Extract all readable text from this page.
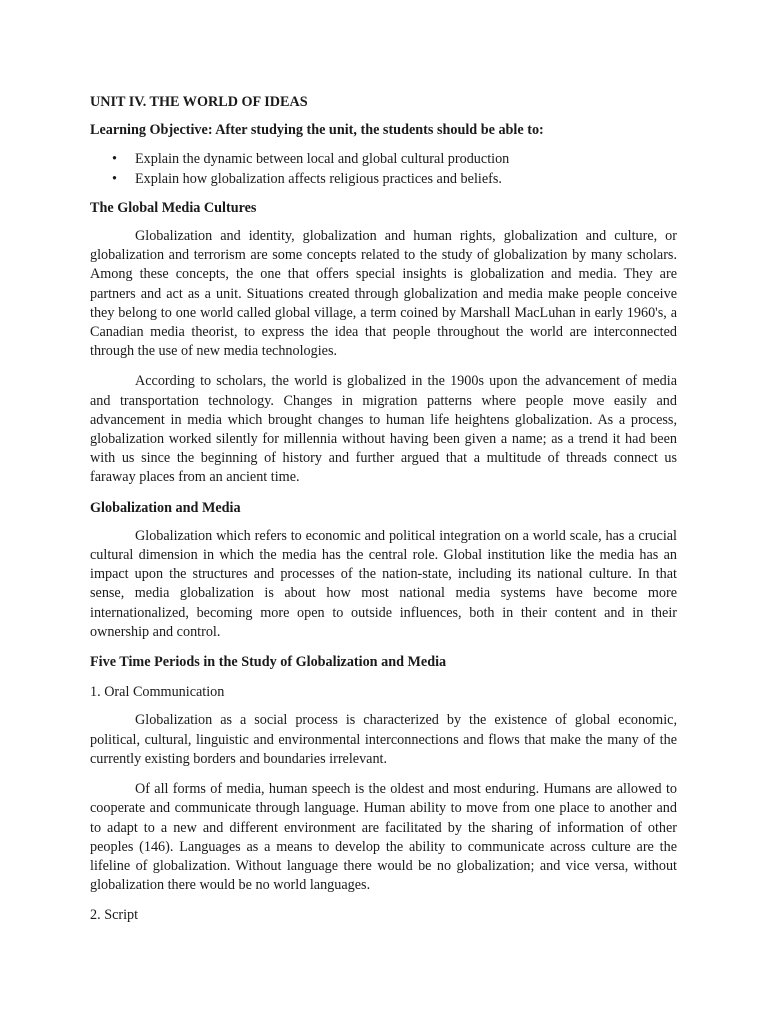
UNIT IV. THE WORLD OF IDEAS
Learning Objective: After studying the unit, the students should be able to:
• Explain the dynamic between local and global cultural production
• Explain how globalization affects religious practices and beliefs.
The Global Media Cultures

Globalization and identity, globalization and human rights, globalization and culture, or globalization and terrorism are some concepts related to the study of globalization by many scholars. Among these concepts, the one that offers special insights is globalization and media. They are partners and act as a unit. Situations created through globalization and media make people conceive they belong to one world called global village, a term coined by Marshall MacLuhan in early 1960's, a Canadian media theorist, to express the idea that people throughout the world are interconnected through the use of new media technologies.

According to scholars, the world is globalized in the 1900s upon the advancement of media and transportation technology. Changes in migration patterns where people move easily and advancement in media which brought changes to human life heightens globalization. As a process, globalization worked silently for millennia without having been given a name; as a trend it had been with us since the beginning of history and further argued that a multitude of threads connect us faraway places from an ancient time.

Globalization and Media

Globalization which refers to economic and political integration on a world scale, has a crucial cultural dimension in which the media has the central role. Global institution like the media has an impact upon the structures and processes of the nation-state, including its national culture. In that sense, media globalization is about how most national media systems have become more internationalized, becoming more open to outside influences, both in their content and in their ownership and control.

Five Time Periods in the Study of Globalization and Media
1. Oral Communication

Globalization as a social process is characterized by the existence of global economic, political, cultural, linguistic and environmental interconnections and flows that make the many of the currently existing borders and boundaries irrelevant.

Of all forms of media, human speech is the oldest and most enduring. Humans are allowed to cooperate and communicate through language. Human ability to move from one place to another and to adapt to a new and different environment are facilitated by the sharing of information of other peoples (146). Languages as a means to develop the ability to communicate across culture are the lifeline of globalization. Without language there would be no globalization; and vice versa, without globalization there would be no world languages.

2. Script
